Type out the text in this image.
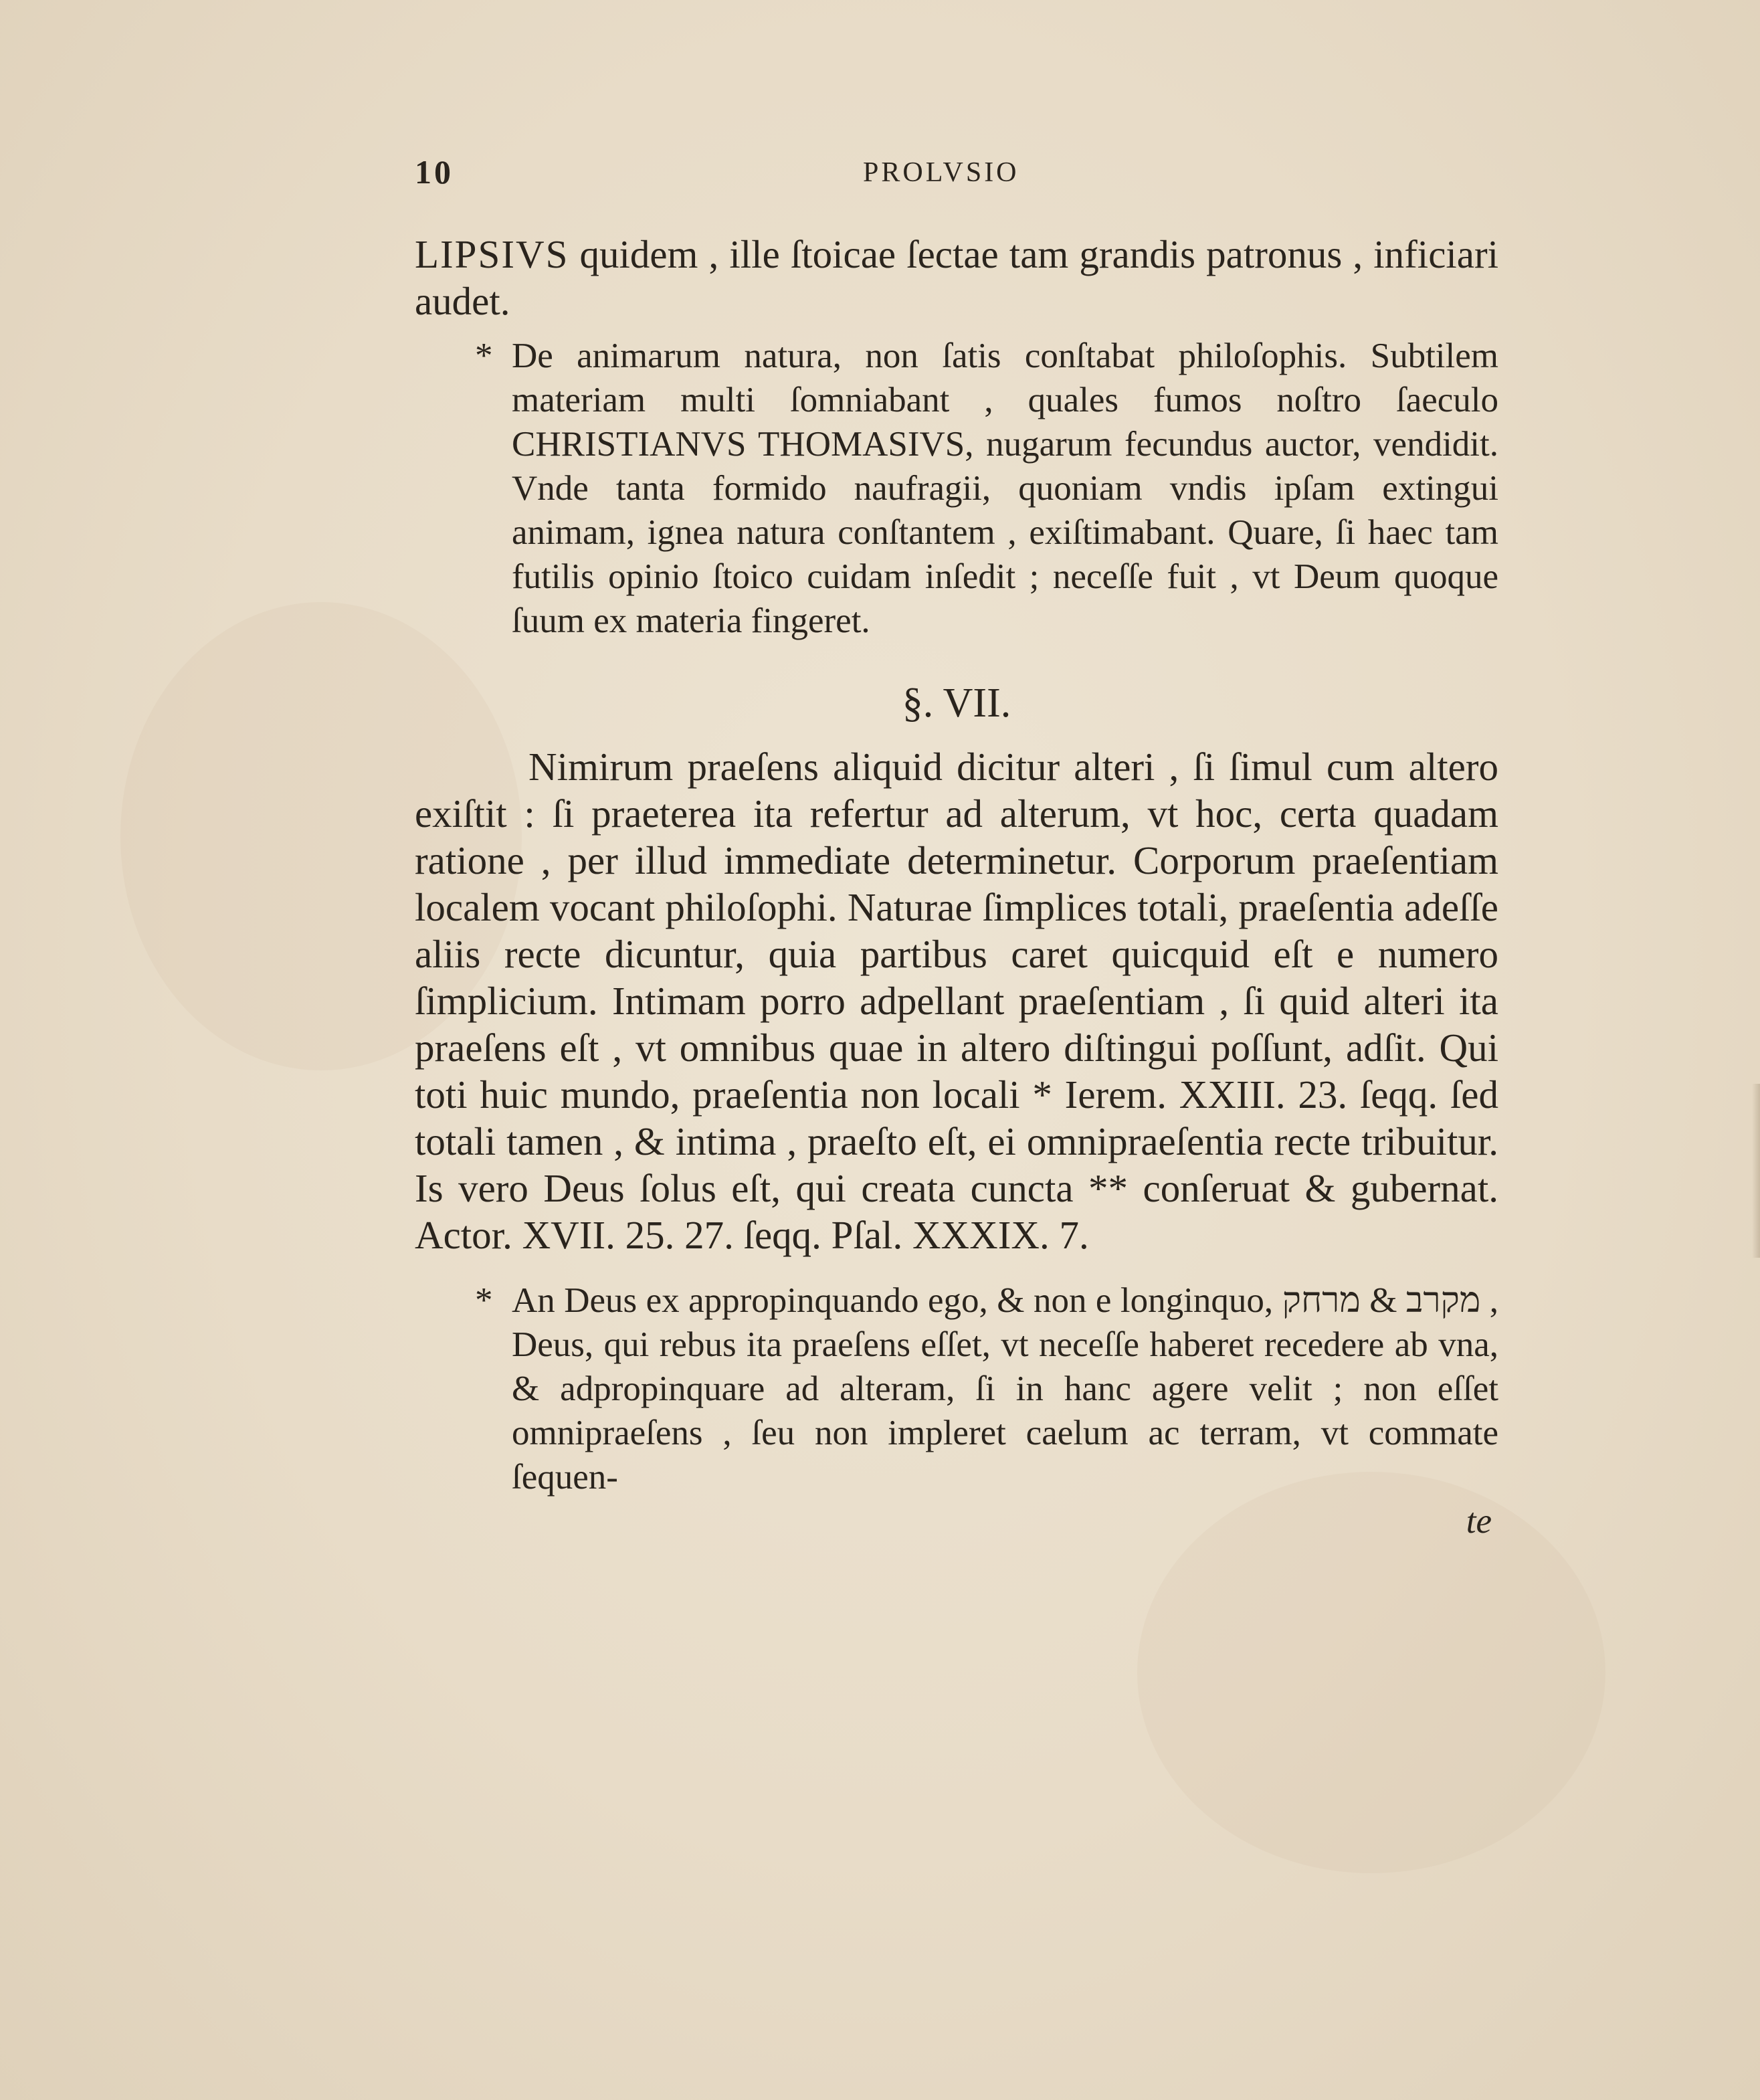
10	PROLVSIO

LIPSIVS quidem , ille ſtoicae ſectae tam grandis patronus , inficiari audet.

* De animarum natura, non ſatis conſtabat philoſophis. Subtilem materiam multi ſomniabant , quales fumos noſtro ſaeculo CHRISTIANVS THOMASIVS, nugarum fecundus auctor, vendidit. Vnde tanta formido naufragii, quoniam vndis ipſam extingui animam, ignea natura conſtantem , exiſtimabant. Quare, ſi haec tam futilis opinio ſtoico cuidam inſedit ; neceſſe fuit , vt Deum quoque ſuum ex materia fingeret.

§. VII.

Nimirum praeſens aliquid dicitur alteri , ſi ſimul cum altero exiſtit : ſi praeterea ita refertur ad alterum, vt hoc, certa quadam ratione , per illud immediate determinetur. Corporum praeſentiam localem vocant philoſophi. Naturae ſimplices totali, praeſentia adeſſe aliis recte dicuntur, quia partibus caret quicquid eſt e numero ſimplicium. Intimam porro adpellant praeſentiam , ſi quid alteri ita praeſens eſt , vt omnibus quae in altero diſtingui poſſunt, adſit. Qui toti huic mundo, praeſentia non locali * Ierem. XXIII. 23. ſeqq. ſed totali tamen , & intima , praeſto eſt, ei omnipraeſentia recte tribuitur. Is vero Deus ſolus eſt, qui creata cuncta ** conſeruat & gubernat. Actor. XVII. 25. 27. ſeqq. Pſal. XXXIX. 7.

* An Deus ex appropinquando ego, & non e longinquo, מקרב & מרחק , Deus, qui rebus ita praeſens eſſet, vt neceſſe haberet recedere ab vna, & adpropinquare ad alteram, ſi in hanc agere velit ; non eſſet omnipraeſens , ſeu non impleret caelum ac terram, vt commate ſequen-

te
